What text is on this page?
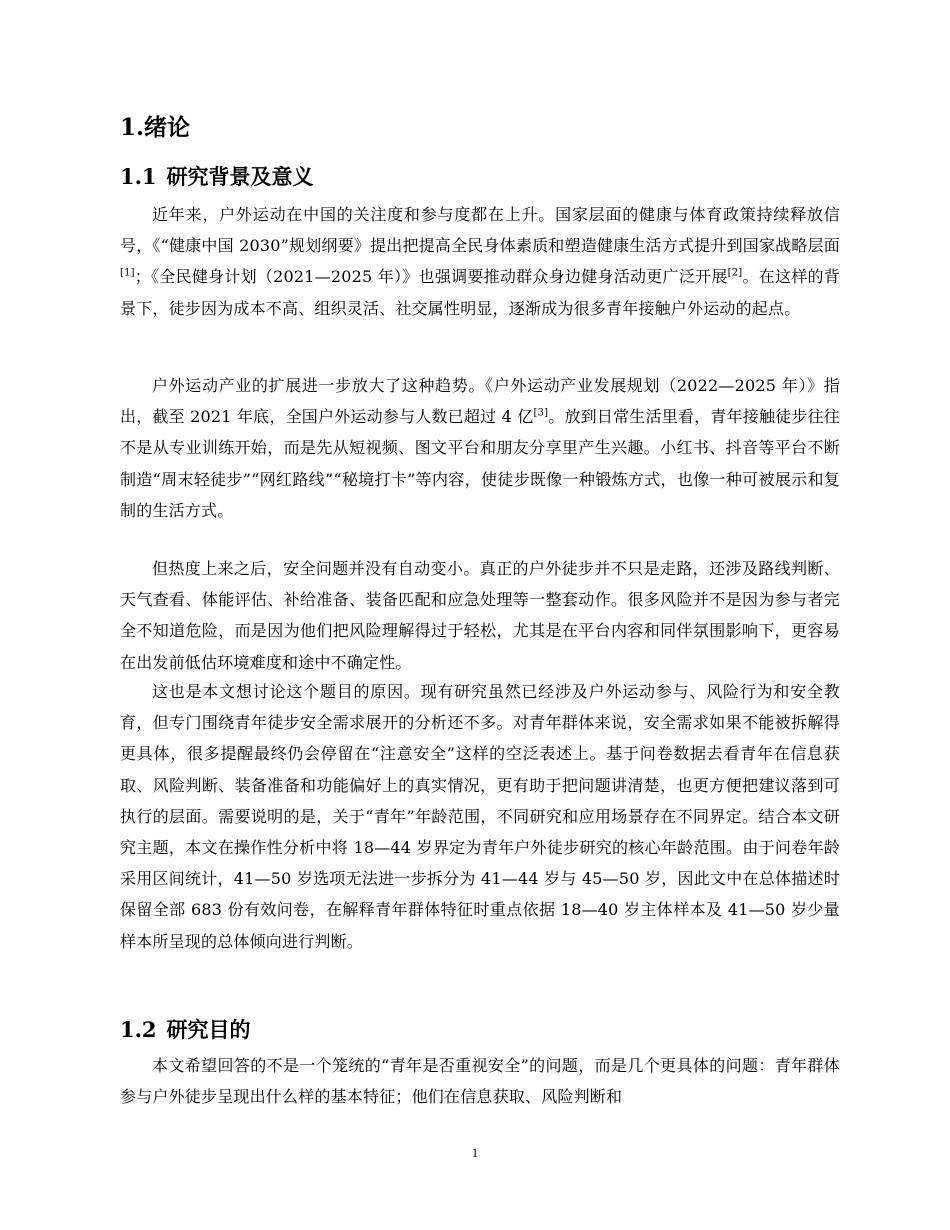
1.绪论
1.1 研究背景及意义

近年来，户外运动在中国的关注度和参与度都在上升。国家层面的健康与体育政策持续释放信号，《“健康中国 2030”规划纲要》提出把提高全民身体素质和塑造健康生活方式提升到国家战略层面[1]；《全民健身计划（2021—2025 年）》也强调要推动群众身边健身活动更广泛开展[2]。在这样的背景下，徒步因为成本不高、组织灵活、社交属性明显，逐渐成为很多青年接触户外运动的起点。

户外运动产业的扩展进一步放大了这种趋势。《户外运动产业发展规划（2022—2025 年）》指出，截至 2021 年底，全国户外运动参与人数已超过 4 亿[3]。放到日常生活里看，青年接触徒步往往不是从专业训练开始，而是先从短视频、图文平台和朋友分享里产生兴趣。小红书、抖音等平台不断制造“周末轻徒步”“网红路线”“秘境打卡”等内容，使徒步既像一种锻炼方式，也像一种可被展示和复制的生活方式。

但热度上来之后，安全问题并没有自动变小。真正的户外徒步并不只是走路，还涉及路线判断、天气查看、体能评估、补给准备、装备匹配和应急处理等一整套动作。很多风险并不是因为参与者完全不知道危险，而是因为他们把风险理解得过于轻松，尤其是在平台内容和同伴氛围影响下，更容易在出发前低估环境难度和途中不确定性。

这也是本文想讨论这个题目的原因。现有研究虽然已经涉及户外运动参与、风险行为和安全教育，但专门围绕青年徒步安全需求展开的分析还不多。对青年群体来说，安全需求如果不能被拆解得更具体，很多提醒最终仍会停留在“注意安全”这样的空泛表述上。基于问卷数据去看青年在信息获取、风险判断、装备准备和功能偏好上的真实情况，更有助于把问题讲清楚，也更方便把建议落到可执行的层面。需要说明的是，关于“青年”年龄范围，不同研究和应用场景存在不同界定。结合本文研究主题，本文在操作性分析中将 18—44 岁界定为青年户外徒步研究的核心年龄范围。由于问卷年龄采用区间统计，41—50 岁选项无法进一步拆分为 41—44 岁与 45—50 岁，因此文中在总体描述时保留全部 683 份有效问卷，在解释青年群体特征时重点依据 18—40 岁主体样本及 41—50 岁少量样本所呈现的总体倾向进行判断。

1.2 研究目的

本文希望回答的不是一个笼统的“青年是否重视安全”的问题，而是几个更具体的问题：青年群体参与户外徒步呈现出什么样的基本特征；他们在信息获取、风险判断和

1
